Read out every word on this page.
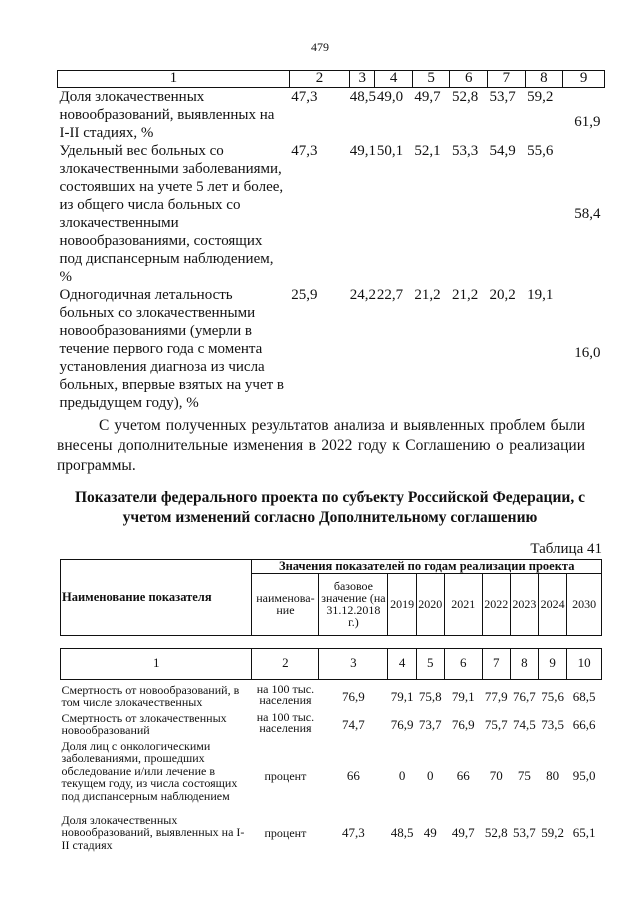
479
1	2	3	4	5	6	7	8	9
Доля злокачественных новообразований, выявленных на I-II стадиях, %	47,3	48,5	49,0	49,7	52,8	53,7	59,2	61,9
Удельный вес больных со злокачественными заболеваниями, состоявших на учете 5 лет и более, из общего числа больных со злокачественными новообразованиями, состоящих под диспансерным наблюдением, %	47,3	49,1	50,1	52,1	53,3	54,9	55,6	58,4
Одногодичная летальность больных со злокачественными новообразованиями (умерли в течение первого года с момента установления диагноза из числа больных, впервые взятых на учет в предыдущем году), %	25,9	24,2	22,7	21,2	21,2	20,2	19,1	16,0
С учетом полученных результатов анализа и выявленных проблем были внесены дополнительные изменения в 2022 году к Соглашению о реализации программы.
Показатели федерального проекта по субъекту Российской Федерации, с учетом изменений согласно Дополнительному соглашению
Таблица 41
Наименование показателя	Значения показателей по годам реализации проекта								
	наименова-ние	базовое значение (на 31.12.2018 г.)	2019	2020	2021	2022	2023	2024	2030

1	2	3	4	5	6	7	8	9	10

Смертность от новообразований, в том числе злокачественных	на 100 тыс. населения	76,9	79,1	75,8	79,1	77,9	76,7	75,6	68,5
Смертность от злокачественных новообразований	на 100 тыс. населения	74,7	76,9	73,7	76,9	75,7	74,5	73,5	66,6
Доля лиц с онкологическими заболеваниями, прошедших обследование и/или лечение в текущем году, из числа состоящих под диспансерным наблюдением	процент	66	0	0	66	70	75	80	95,0
Доля злокачественных новообразований, выявленных на I-II стадиях	процент	47,3	48,5	49	49,7	52,8	53,7	59,2	65,1
